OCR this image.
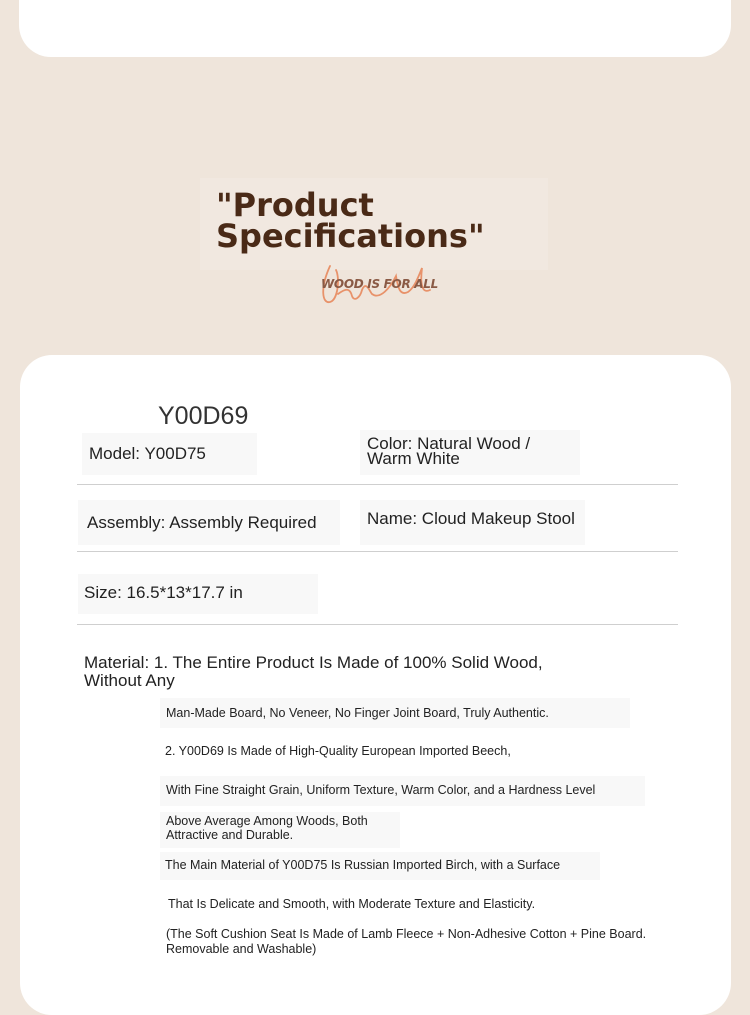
"Product
Specifications"
WOOD IS FOR ALL
Y00D69
Model: Y00D75
Color: Natural Wood /
Warm White
Assembly: Assembly Required	Name: Cloud Makeup Stool
Size: 16.5*13*17.7 in
Material: 1. The Entire Product Is Made of 100% Solid Wood,
Without Any
Man-Made Board, No Veneer, No Finger Joint Board, Truly Authentic.
2. Y00D69 Is Made of High-Quality European Imported Beech,
With Fine Straight Grain, Uniform Texture, Warm Color, and a Hardness Level
Above Average Among Woods, Both
Attractive and Durable.
The Main Material of Y00D75 Is Russian Imported Birch, with a Surface
That Is Delicate and Smooth, with Moderate Texture and Elasticity.
(The Soft Cushion Seat Is Made of Lamb Fleece + Non-Adhesive Cotton + Pine Board.
Removable and Washable)
